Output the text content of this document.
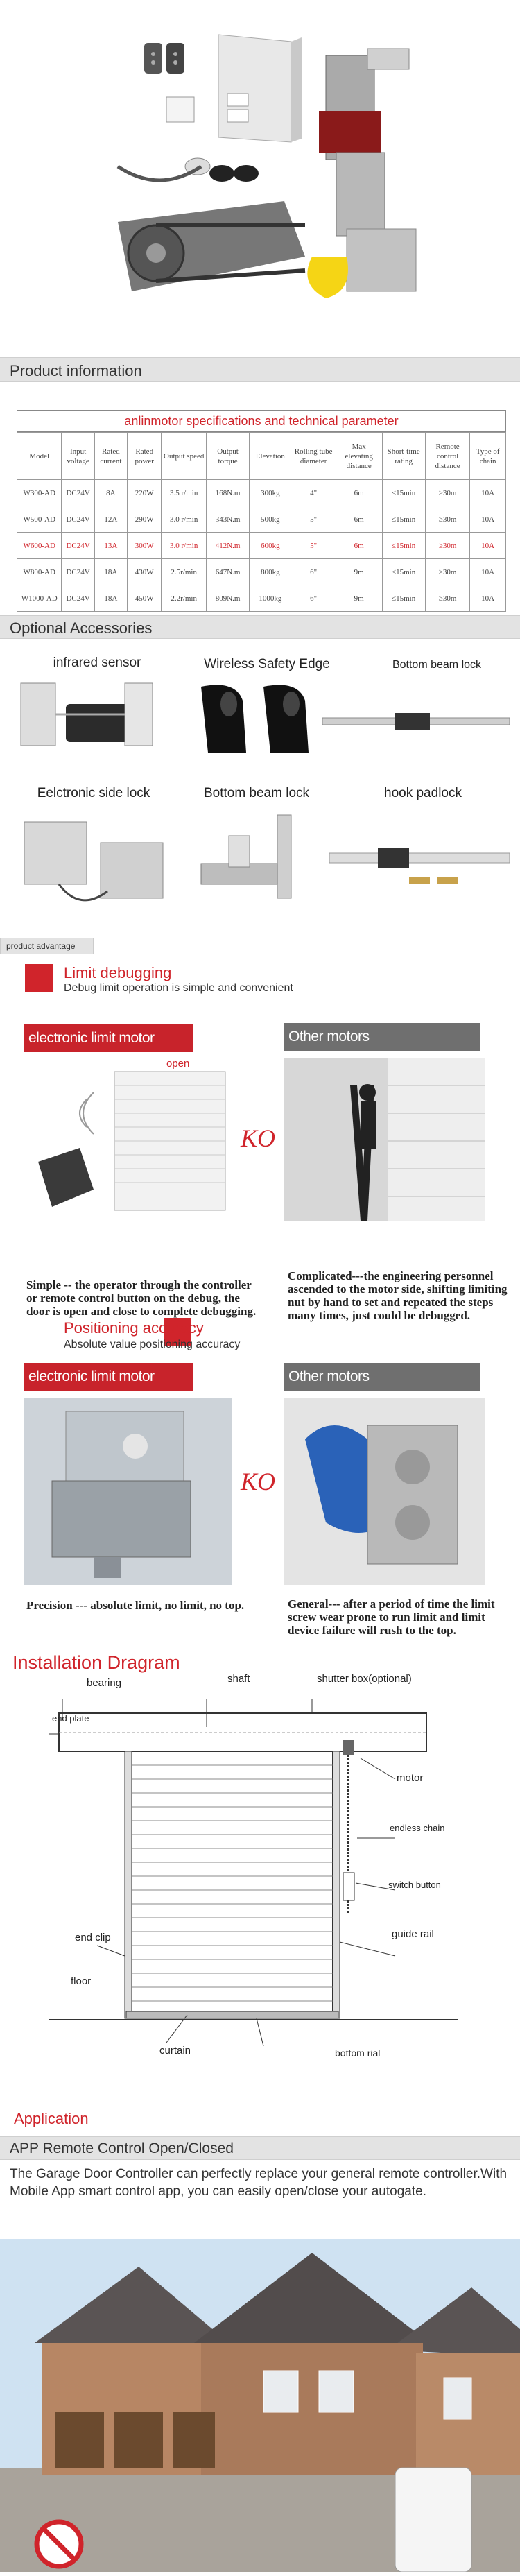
Product information
anlinmotor specifications and technical parameter
Model	Input voltage	Rated current	Rated power	Output speed	Output torque	Elevation	Rolling tube diameter	Max elevating distance	Short-time rating	Remote control distance	Type of chain
W300-AD	DC24V	8A	220W	3.5 r/min	168N.m	300kg	4"	6m	≤15min	≥30m	10A
W500-AD	DC24V	12A	290W	3.0 r/min	343N.m	500kg	5"	6m	≤15min	≥30m	10A
W600-AD	DC24V	13A	300W	3.0 r/min	412N.m	600kg	5"	6m	≤15min	≥30m	10A
W800-AD	DC24V	18A	430W	2.5r/min	647N.m	800kg	6"	9m	≤15min	≥30m	10A
W1000-AD	DC24V	18A	450W	2.2r/min	809N.m	1000kg	6"	9m	≤15min	≥30m	10A
Optional Accessories
infrared sensor	Wireless Safety Edge	Bottom beam lock
Eelctronic side lock	Bottom beam lock	hook padlock
product advantage
Limit debugging
Debug limit operation is simple and convenient
electronic limit motor	Other motors
open
KO
Simple -- the operator through the controller or remote control button on the debug, the door is open and close to complete debugging.
Complicated---the engineering personnel ascended to the motor side, shifting limiting nut by hand to set and repeated the steps many times, just could be debugged.
Positioning accuracy
Absolute value positioning accuracy
electronic limit motor	Other motors
KO
Precision --- absolute limit, no limit, no top.	General--- after a period of time the limit screw wear prone to run limit and limit device failure will rush to the top.
Installation Dragram
bearing	shaft	shutter box(optional)
end plate
motor
endless chain
switch button
guide rail
end clip
floor
curtain	bottom rial
Application
APP Remote Control Open/Closed
The Garage Door Controller can perfectly replace your general remote controller.With Mobile App smart control app, you can easily open/close your autogate.
